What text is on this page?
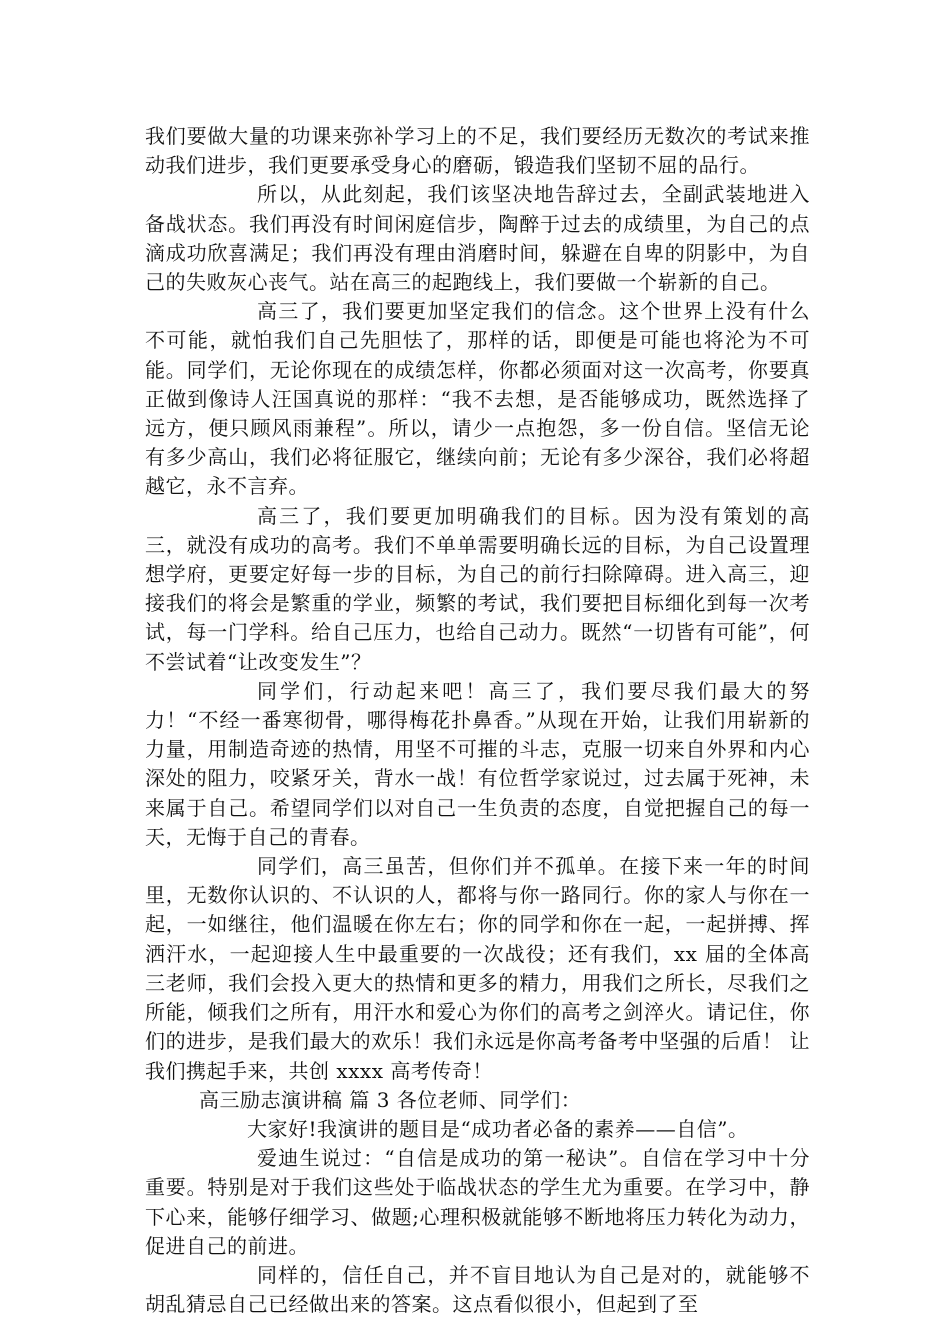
我们要做大量的功课来弥补学习上的不足，我们要经历无数次的考试来推动我们进步，我们更要承受身心的磨砺，锻造我们坚韧不屈的品行。

所以，从此刻起，我们该坚决地告辞过去，全副武装地进入备战状态。我们再没有时间闲庭信步，陶醉于过去的成绩里，为自己的点滴成功欣喜满足；我们再没有理由消磨时间，躲避在自卑的阴影中，为自己的失败灰心丧气。站在高三的起跑线上，我们要做一个崭新的自己。

高三了，我们要更加坚定我们的信念。这个世界上没有什么不可能，就怕我们自己先胆怯了，那样的话，即便是可能也将沦为不可能。同学们，无论你现在的成绩怎样，你都必须面对这一次高考，你要真正做到像诗人汪国真说的那样：“我不去想，是否能够成功，既然选择了远方，便只顾风雨兼程”。所以，请少一点抱怨，多一份自信。坚信无论有多少高山，我们必将征服它，继续向前；无论有多少深谷，我们必将超越它，永不言弃。

高三了，我们要更加明确我们的目标。因为没有策划的高三，就没有成功的高考。我们不单单需要明确长远的目标，为自己设置理想学府，更要定好每一步的目标，为自己的前行扫除障碍。进入高三，迎接我们的将会是繁重的学业，频繁的考试，我们要把目标细化到每一次考试，每一门学科。给自己压力，也给自己动力。既然“一切皆有可能”，何不尝试着“让改变发生”？

同学们，行动起来吧！高三了，我们要尽我们最大的努力！“不经一番寒彻骨，哪得梅花扑鼻香。”从现在开始，让我们用崭新的力量，用制造奇迹的热情，用坚不可摧的斗志，克服一切来自外界和内心深处的阻力，咬紧牙关，背水一战！有位哲学家说过，过去属于死神，未来属于自己。希望同学们以对自己一生负责的态度，自觉把握自己的每一天，无悔于自己的青春。

同学们，高三虽苦，但你们并不孤单。在接下来一年的时间里，无数你认识的、不认识的人，都将与你一路同行。你的家人与你在一起，一如继往，他们温暖在你左右；你的同学和你在一起，一起拼搏、挥洒汗水，一起迎接人生中最重要的一次战役；还有我们，xx 届的全体高三老师，我们会投入更大的热情和更多的精力，用我们之所长，尽我们之所能，倾我们之所有，用汗水和爱心为你们的高考之剑淬火。请记住，你们的进步，是我们最大的欢乐！我们永远是你高考备考中坚强的后盾！ 让我们携起手来，共创 xxxx 高考传奇！

高三励志演讲稿 篇 3 各位老师、同学们：

大家好!我演讲的题目是“成功者必备的素养——自信”。

爱迪生说过：“自信是成功的第一秘诀”。自信在学习中十分重要。特别是对于我们这些处于临战状态的学生尤为重要。在学习中，静下心来，能够仔细学习、做题;心理积极就能够不断地将压力转化为动力，促进自己的前进。

同样的，信任自己，并不盲目地认为自己是对的，就能够不胡乱猜忌自己已经做出来的答案。这点看似很小，但起到了至
